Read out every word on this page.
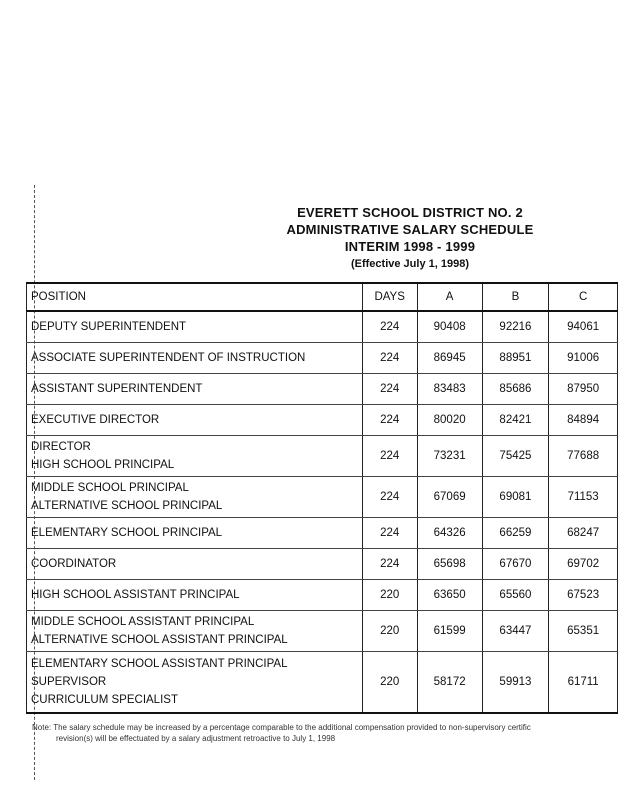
EVERETT SCHOOL DISTRICT NO. 2
ADMINISTRATIVE SALARY SCHEDULE
INTERIM 1998 - 1999
(Effective July 1, 1998)
POSITION	DAYS	A	B	C

DEPUTY SUPERINTENDENT	224	90408	92216	94061

ASSOCIATE SUPERINTENDENT OF INSTRUCTION	224	86945	88951	91006

ASSISTANT SUPERINTENDENT	224	83483	85686	87950

EXECUTIVE DIRECTOR	224	80020	82421	84894

DIRECTOR
HIGH SCHOOL PRINCIPAL	224	73231	75425	77688

MIDDLE SCHOOL PRINCIPAL
ALTERNATIVE SCHOOL PRINCIPAL	224	67069	69081	71153

ELEMENTARY SCHOOL PRINCIPAL	224	64326	66259	68247

COORDINATOR	224	65698	67670	69702

HIGH SCHOOL ASSISTANT PRINCIPAL	220	63650	65560	67523

MIDDLE SCHOOL ASSISTANT PRINCIPAL
ALTERNATIVE SCHOOL ASSISTANT PRINCIPAL	220	61599	63447	65351

ELEMENTARY SCHOOL ASSISTANT PRINCIPAL
SUPERVISOR
CURRICULUM SPECIALIST	220	58172	59913	61711
Note: The salary schedule may be increased by a percentage comparable to the additional compensation provided to non-supervisory certific
revision(s) will be effectuated by a salary adjustment retroactive to July 1, 1998
